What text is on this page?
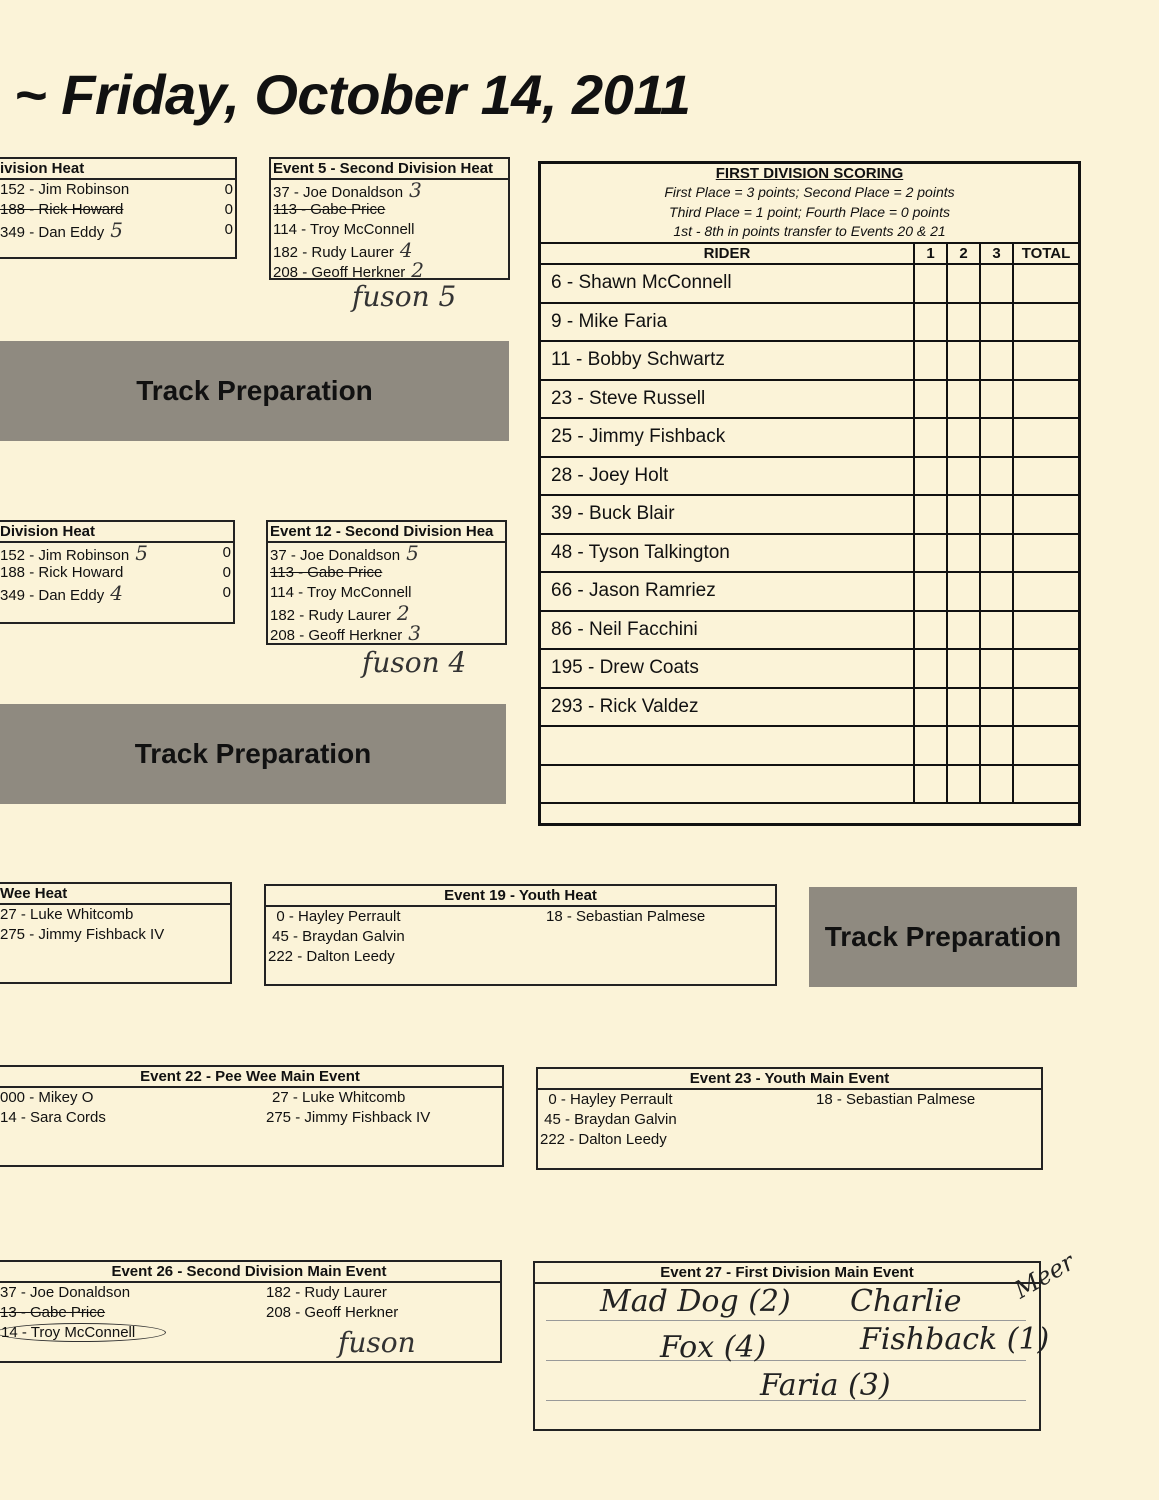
~ Friday, October 14, 2011
ivision Heat
152 - Jim Robinson	0
188 - Rick Howard	0
349 - Dan Eddy 5	0
Event 5 - Second Division Heat
37 - Joe Donaldson 3
113 - Gabe Price
114 - Troy McConnell
182 - Rudy Laurer 4
208 - Geoff Herkner 2
fuson 5
Track Preparation
Division Heat
152 - Jim Robinson 5	0
188 - Rick Howard	0
349 - Dan Eddy 4	0
Event 12 - Second Division Hea
37 - Joe Donaldson 5
113 - Gabe Price
114 - Troy McConnell
182 - Rudy Laurer 2
208 - Geoff Herkner 3
fuson 4
Track Preparation
FIRST DIVISION SCORING
First Place = 3 points; Second Place = 2 points
Third Place = 1 point; Fourth Place = 0 points
1st - 8th in points transfer to Events 20 & 21
RIDER	1	2	3	TOTAL
6 - Shawn McConnell				
9 - Mike Faria				
11 - Bobby Schwartz				
23 - Steve Russell				
25 - Jimmy Fishback				
28 - Joey Holt				
39 - Buck Blair				
48 - Tyson Talkington				
66 - Jason Ramriez				
86 - Neil Facchini				
195 - Drew Coats				
293 - Rick Valdez				

Wee Heat
27 - Luke Whitcomb
275 - Jimmy Fishback IV
Event 19 - Youth Heat
0 - Hayley Perrault
45 - Braydan Galvin
222 - Dalton Leedy
18 - Sebastian Palmese
Track Preparation
Event 22 - Pee Wee Main Event
000 - Mikey O
14 - Sara Cords
27 - Luke Whitcomb
275 - Jimmy Fishback IV
Event 23 - Youth Main Event
0 - Hayley Perrault
45 - Braydan Galvin
222 - Dalton Leedy
18 - Sebastian Palmese
Event 26 - Second Division Main Event
37 - Joe Donaldson
13 - Gabe Price
14 - Troy McConnell
182 - Rudy Laurer
208 - Geoff Herkner
fuson
Event 27 - First Division Main Event
Mad Dog (2) Charlie
Fox (4)	Fishback (1)
Faria (3)
Meer
